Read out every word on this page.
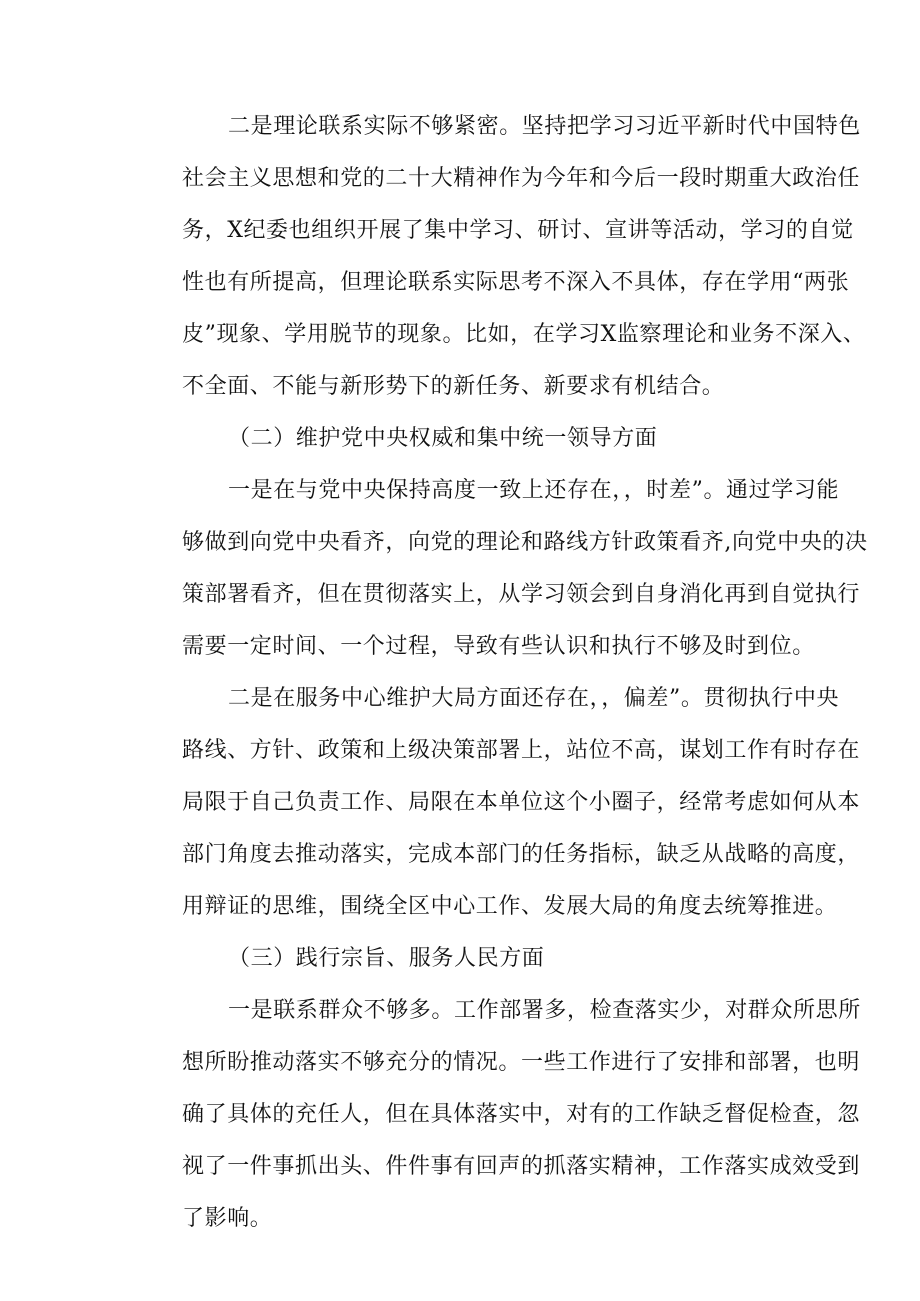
二是理论联系实际不够紧密。坚持把学习习近平新时代中国特色
社会主义思想和党的二十大精神作为今年和今后一段时期重大政治任
务，X纪委也组织开展了集中学习、研讨、宣讲等活动，学习的自觉
性也有所提高，但理论联系实际思考不深入不具体，存在学用“两张
皮”现象、学用脱节的现象。比如，在学习X监察理论和业务不深入、
不全面、不能与新形势下的新任务、新要求有机结合。
（二）维护党中央权威和集中统一领导方面
一是在与党中央保持高度一致上还存在，，时差”。通过学习能
够做到向党中央看齐，向党的理论和路线方针政策看齐,向党中央的决
策部署看齐，但在贯彻落实上，从学习领会到自身消化再到自觉执行
需要一定时间、一个过程，导致有些认识和执行不够及时到位。
二是在服务中心维护大局方面还存在，，偏差”。贯彻执行中央
路线、方针、政策和上级决策部署上，站位不高，谋划工作有时存在
局限于自己负责工作、局限在本单位这个小圈子，经常考虑如何从本
部门角度去推动落实，完成本部门的任务指标，缺乏从战略的高度，
用辩证的思维，围绕全区中心工作、发展大局的角度去统筹推进。
（三）践行宗旨、服务人民方面
一是联系群众不够多。工作部署多，检查落实少，对群众所思所
想所盼推动落实不够充分的情况。一些工作进行了安排和部署，也明
确了具体的充任人，但在具体落实中，对有的工作缺乏督促检查，忽
视了一件事抓出头、件件事有回声的抓落实精神，工作落实成效受到
了影响。
